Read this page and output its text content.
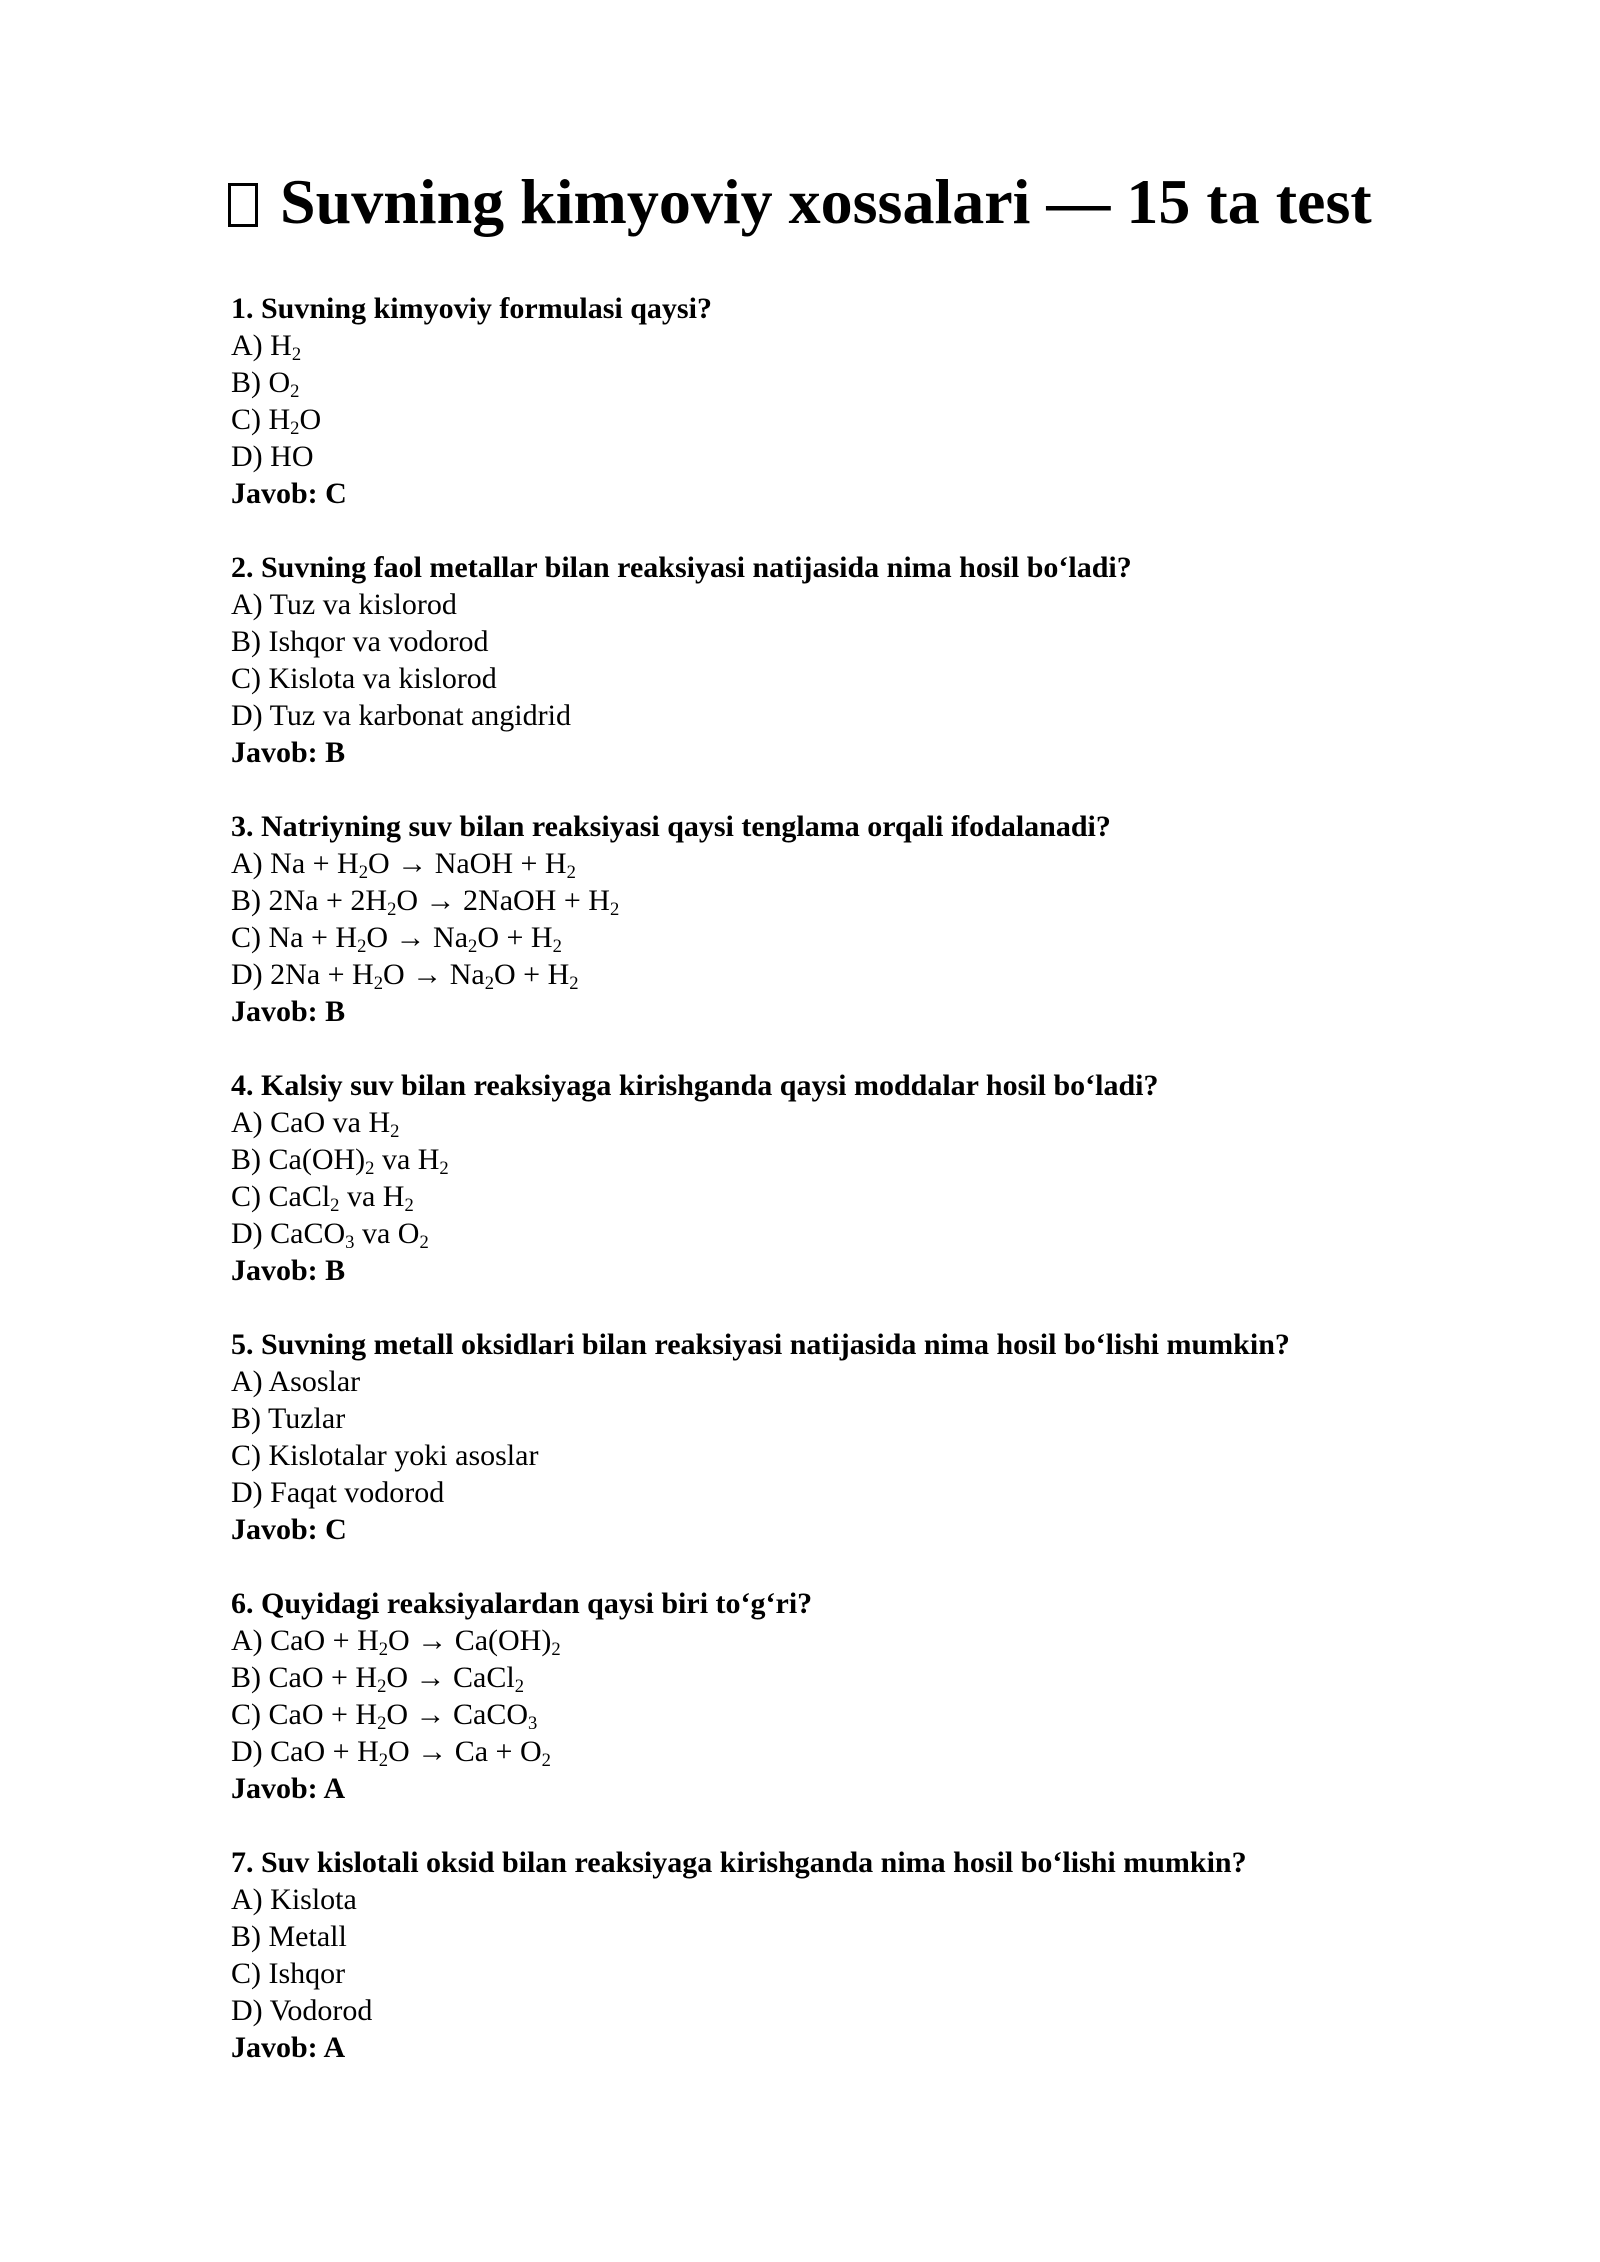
Suvning kimyoviy xossalari — 15 ta test
1. Suvning kimyoviy formulasi qaysi?
A) $H_2$
B) $O_2$
C) $H_2O$
D) HO
Javob: C
2. Suvning faol metallar bilan reaksiyasi natijasida nima hosil bo‘ladi?
A) Tuz va kislorod
B) Ishqor va vodorod
C) Kislota va kislorod
D) Tuz va karbonat angidrid
Javob: B
3. Natriyning suv bilan reaksiyasi qaysi tenglama orqali ifodalanadi?
A) $Na + H_2O$ → NaOH + $H_2$
B) $2Na + 2H_2O$ → 2NaOH + $H_2$
C) $Na + H_2O \to Na_2O + H_2$
D) $2Na + H_2O \to Na_2O + H_2$
Javob: B
4. Kalsiy suv bilan reaksiyaga kirishganda qaysi moddalar hosil bo‘ladi?
A) CaO va $H_2$
B) $Ca(OH)_2$ va $H_2$
C) CaCl$_2$ va $H_2$
D) CaCO$_3$ va $O_2$
Javob: B
5. Suvning metall oksidlari bilan reaksiyasi natijasida nima hosil bo‘lishi mumkin?
A) Asoslar
B) Tuzlar
C) Kislotalar yoki asoslar
D) Faqat vodorod
Javob: C
6. Quyidagi reaksiyalardan qaysi biri to‘g‘ri?
A) CaO + $H_2O \to Ca(OH)_2$
B) CaO + $H_2O$ → CaCl$_2$
C) CaO + $H_2O$ → CaCO$_3$
D) CaO + $H_2O \to Ca + O_2$
Javob: A
7. Suv kislotali oksid bilan reaksiyaga kirishganda nima hosil bo‘lishi mumkin?
A) Kislota
B) Metall
C) Ishqor
D) Vodorod
Javob: A
